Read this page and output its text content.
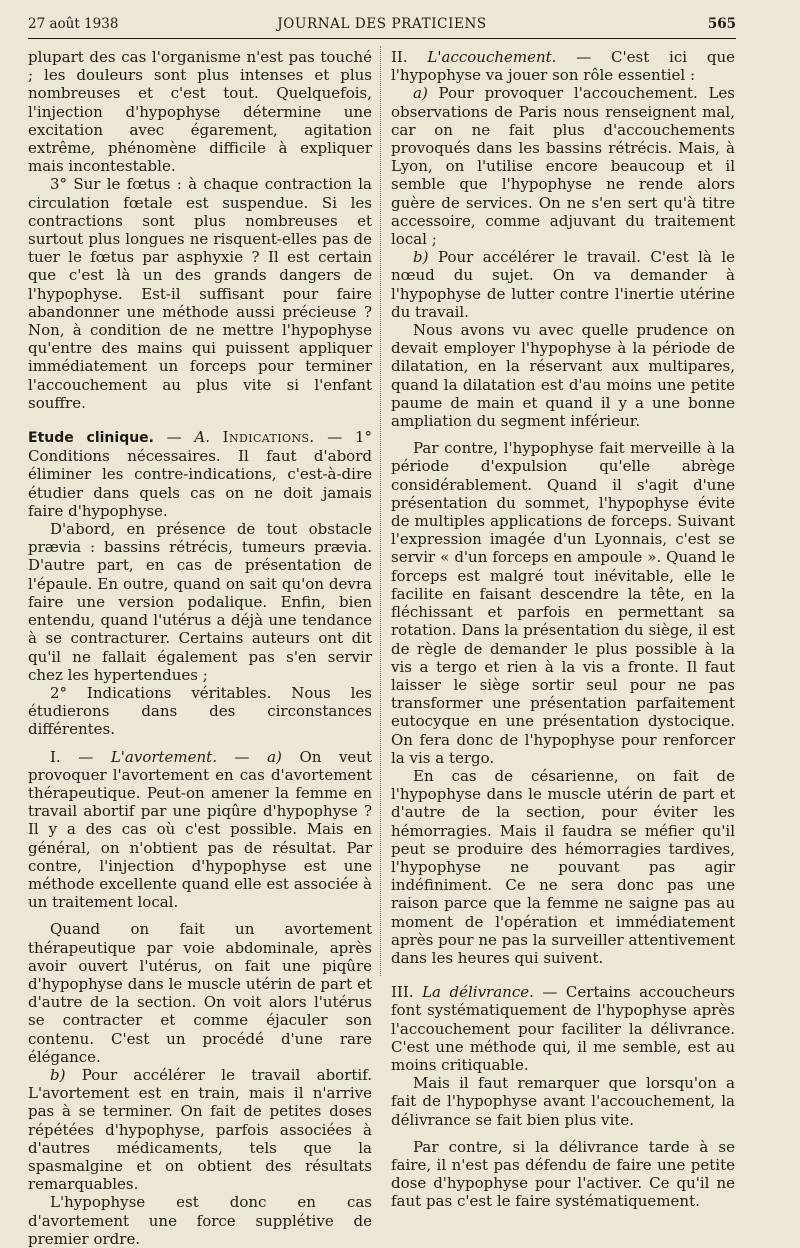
27 août 1938	JOURNAL DES PRATICIENS	565

plupart des cas l'organisme n'est pas touché ; les douleurs sont plus intenses et plus nombreuses et c'est tout. Quelquefois, l'injection d'hypophyse détermine une excitation avec égarement, agitation extrême, phénomène difficile à expliquer mais incontestable.

3° Sur le fœtus : à chaque contraction la circulation fœtale est suspendue. Si les contractions sont plus nombreuses et surtout plus longues ne risquent-elles pas de tuer le fœtus par asphyxie ? Il est certain que c'est là un des grands dangers de l'hypophyse. Est-il suffisant pour faire abandonner une méthode aussi précieuse ? Non, à condition de ne mettre l'hypophyse qu'entre des mains qui puissent appliquer immédiatement un forceps pour terminer l'accouchement au plus vite si l'enfant souffre.

Etude clinique. — A. Indications. — 1° Conditions nécessaires. Il faut d'abord éliminer les contre-indications, c'est-à-dire étudier dans quels cas on ne doit jamais faire d'hypophyse.

D'abord, en présence de tout obstacle prævia : bassins rétrécis, tumeurs prævia. D'autre part, en cas de présentation de l'épaule. En outre, quand on sait qu'on devra faire une version podalique. Enfin, bien entendu, quand l'utérus a déjà une tendance à se contracturer. Certains auteurs ont dit qu'il ne fallait également pas s'en servir chez les hypertendues ;

2° Indications véritables. Nous les étudierons dans des circonstances différentes.

I. — L'avortement. — a) On veut provoquer l'avortement en cas d'avortement thérapeutique. Peut-on amener la femme en travail abortif par une piqûre d'hypophyse ? Il y a des cas où c'est possible. Mais en général, on n'obtient pas de résultat. Par contre, l'injection d'hypophyse est une méthode excellente quand elle est associée à un traitement local.

Quand on fait un avortement thérapeutique par voie abdominale, après avoir ouvert l'utérus, on fait une piqûre d'hypophyse dans le muscle utérin de part et d'autre de la section. On voit alors l'utérus se contracter et comme éjaculer son contenu. C'est un procédé d'une rare élégance.

b) Pour accélérer le travail abortif. L'avortement est en train, mais il n'arrive pas à se terminer. On fait de petites doses répétées d'hypophyse, parfois associées à d'autres médicaments, tels que la spasmalgine et on obtient des résultats remarquables.

L'hypophyse est donc en cas d'avortement une force supplétive de premier ordre.

II. L'accouchement. — C'est ici que l'hypophyse va jouer son rôle essentiel :

a) Pour provoquer l'accouchement. Les observations de Paris nous renseignent mal, car on ne fait plus d'accouchements provoqués dans les bassins rétrécis. Mais, à Lyon, on l'utilise encore beaucoup et il semble que l'hypophyse ne rende alors guère de services. On ne s'en sert qu'à titre accessoire, comme adjuvant du traitement local ;

b) Pour accélérer le travail. C'est là le nœud du sujet. On va demander à l'hypophyse de lutter contre l'inertie utérine du travail.

Nous avons vu avec quelle prudence on devait employer l'hypophyse à la période de dilatation, en la réservant aux multipares, quand la dilatation est d'au moins une petite paume de main et quand il y a une bonne ampliation du segment inférieur.

Par contre, l'hypophyse fait merveille à la période d'expulsion qu'elle abrège considérablement. Quand il s'agit d'une présentation du sommet, l'hypophyse évite de multiples applications de forceps. Suivant l'expression imagée d'un Lyonnais, c'est se servir « d'un forceps en ampoule ». Quand le forceps est malgré tout inévitable, elle le facilite en faisant descendre la tête, en la fléchissant et parfois en permettant sa rotation. Dans la présentation du siège, il est de règle de demander le plus possible à la vis a tergo et rien à la vis a fronte. Il faut laisser le siège sortir seul pour ne pas transformer une présentation parfaitement eutocyque en une présentation dystocique. On fera donc de l'hypophyse pour renforcer la vis a tergo.

En cas de césarienne, on fait de l'hypophyse dans le muscle utérin de part et d'autre de la section, pour éviter les hémorragies. Mais il faudra se méfier qu'il peut se produire des hémorragies tardives, l'hypophyse ne pouvant pas agir indéfiniment. Ce ne sera donc pas une raison parce que la femme ne saigne pas au moment de l'opération et immédiatement après pour ne pas la surveiller attentivement dans les heures qui suivent.

III. La délivrance. — Certains accoucheurs font systématiquement de l'hypophyse après l'accouchement pour faciliter la délivrance. C'est une méthode qui, il me semble, est au moins critiquable.

Mais il faut remarquer que lorsqu'on a fait de l'hypophyse avant l'accouchement, la délivrance se fait bien plus vite.

Par contre, si la délivrance tarde à se faire, il n'est pas défendu de faire une petite dose d'hypophyse pour l'activer. Ce qu'il ne faut pas c'est le faire systématiquement.
